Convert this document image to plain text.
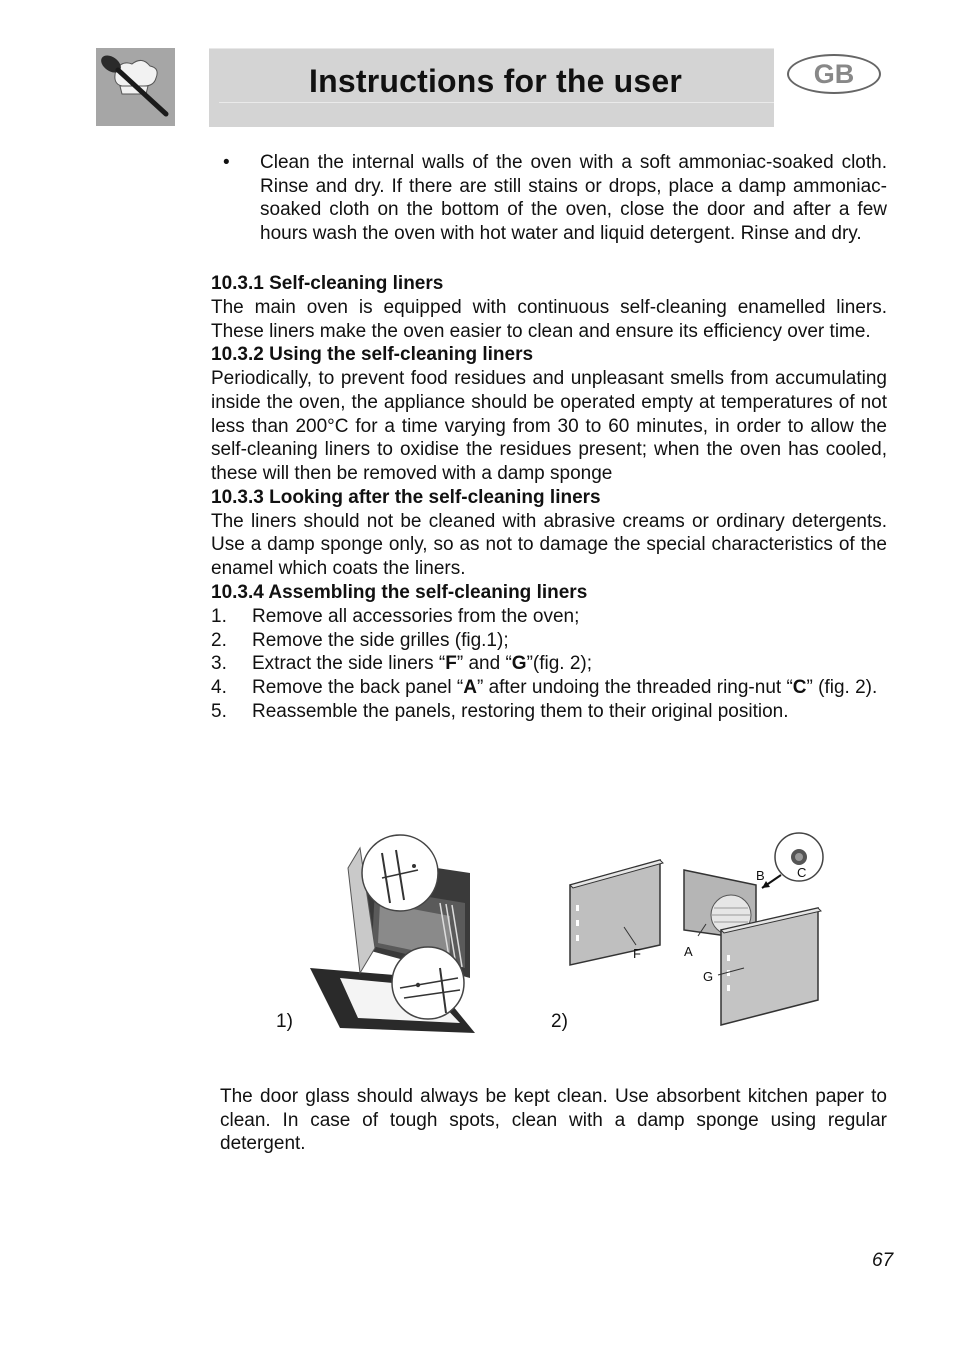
Instructions for the user	GB
• Clean the internal walls of the oven with a soft ammoniac-soaked cloth. Rinse and dry. If there are still stains or drops, place a damp ammoniac-soaked cloth on the bottom of the oven, close the door and after a few hours wash the oven with hot water and liquid detergent. Rinse and dry.
10.3.1 Self-cleaning liners

The main oven is equipped with continuous self-cleaning enamelled liners. These liners make the oven easier to clean and ensure its efficiency over time.

10.3.2 Using the self-cleaning liners

Periodically, to prevent food residues and unpleasant smells from accumulating inside the oven, the appliance should be operated empty at temperatures of not less than 200°C for a time varying from 30 to 60 minutes, in order to allow the self-cleaning liners to oxidise the residues present; when the oven has cooled, these will then be removed with a damp sponge

10.3.3 Looking after the self-cleaning liners

The liners should not be cleaned with abrasive creams or ordinary detergents. Use a damp sponge only, so as not to damage the special characteristics of the enamel which coats the liners.

10.3.4 Assembling the self-cleaning liners
1. Remove all accessories from the oven;
2. Remove the side grilles (fig.1);
3. Extract the side liners “F” and “G”(fig. 2);
4. Remove the back panel “A” after undoing the threaded ring-nut “C” (fig. 2).
5. Reassemble the panels, restoring them to their original position.
1)	2)
B C
A
F
G
The door glass should always be kept clean. Use absorbent kitchen paper to clean. In case of tough spots, clean with a damp sponge using regular detergent.
67
